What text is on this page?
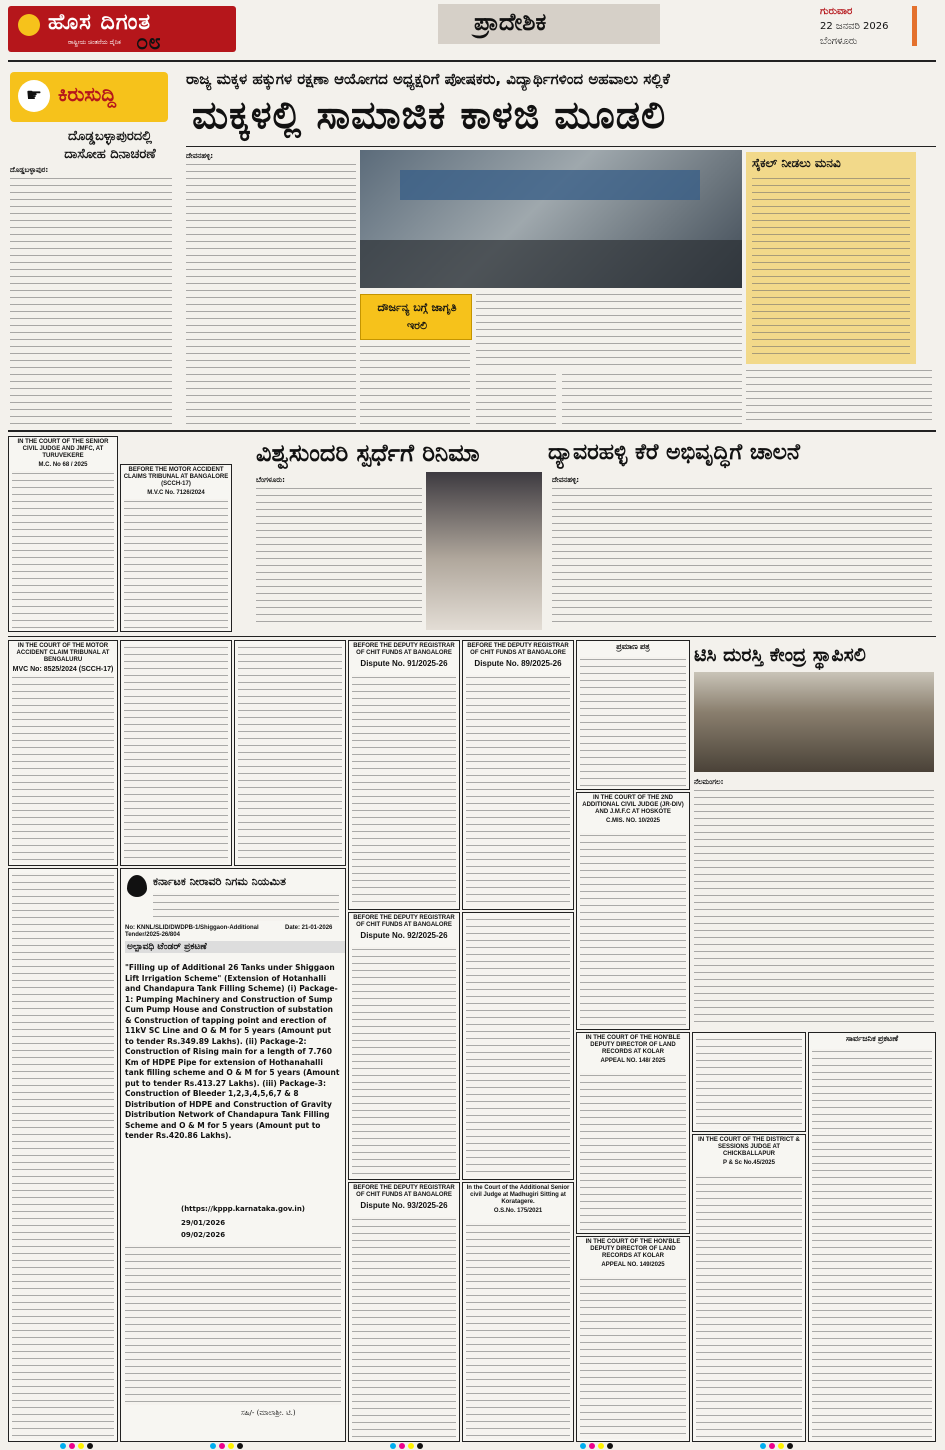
ಹೊಸ ದಿಗಂತ
ರಾಷ್ಟ್ರೀಯ ಚಿಂತನೆಯ ದೈನಿಕ ೦೮
ಪ್ರಾದೇಶಿಕ	ಗುರುವಾರ
22 ಜನವರಿ 2026
ಬೆಂಗಳೂರು
☛ ಕಿರುಸುದ್ದಿ
ದೊಡ್ಡಬಳ್ಳಾಪುರದಲ್ಲಿ ದಾಸೋಹ ದಿನಾಚರಣೆ
ದೊಡ್ಡಬಳ್ಳಾಪುರ:
ರಾಜ್ಯ ಮಕ್ಕಳ ಹಕ್ಕುಗಳ ರಕ್ಷಣಾ ಆಯೋಗದ ಅಧ್ಯಕ್ಷರಿಗೆ ಪೋಷಕರು, ವಿದ್ಯಾರ್ಥಿಗಳಿಂದ ಅಹವಾಲು ಸಲ್ಲಿಕೆ
ಮಕ್ಕಳಲ್ಲಿ ಸಾಮಾಜಿಕ ಕಾಳಜಿ ಮೂಡಲಿ
ದೇವನಹಳ್ಳಿ:
ದೌರ್ಜನ್ಯ ಬಗ್ಗೆ ಜಾಗೃತಿ ಇರಲಿ
ಸೈಕಲ್ ನೀಡಲು ಮನವಿ
IN THE COURT OF THE SENIOR CIVIL JUDGE AND JMFC, AT TURUVEKERE
M.C. No 68 / 2025
BEFORE THE MOTOR ACCIDENT CLAIMS TRIBUNAL AT BANGALORE (SCCH-17)
M.V.C No. 7126/2024
ವಿಶ್ವಸುಂದರಿ ಸ್ಪರ್ಧೆಗೆ ರಿನಿಮಾ
ಬೆಂಗಳೂರು:
ದ್ಯಾವರಹಳ್ಳಿ ಕೆರೆ ಅಭಿವೃದ್ಧಿಗೆ ಚಾಲನೆ
ದೇವನಹಳ್ಳಿ:
IN THE COURT OF THE MOTOR ACCIDENT CLAIM TRIBUNAL AT BENGALURU
MVC No: 8525/2024 (SCCH-17)
BEFORE THE DEPUTY REGISTRAR OF CHIT FUNDS AT BANGALORE
Dispute No. 91/2025-26
BEFORE THE DEPUTY REGISTRAR OF CHIT FUNDS AT BANGALORE
Dispute No. 89/2025-26
ಪ್ರಮಾಣ ಪತ್ರ
IN THE COURT OF THE 2ND ADDITIONAL CIVIL JUDGE (JR-DIV) AND J.M.F.C AT HOSKOTE
C.MIS. NO. 10/2025
ಟಿಸಿ ದುರಸ್ತಿ ಕೇಂದ್ರ ಸ್ಥಾಪಿಸಲಿ
ನೆಲಮಂಗಲ:
ಕರ್ನಾಟಕ ನೀರಾವರಿ ನಿಗಮ ನಿಯಮಿತ
No: KNNL/SLID/DWDPB-1/Shiggaon-Additional Tender/2025-26/804
Date: 21-01-2026
ಅಲ್ಪಾವಧಿ ಟೆಂಡರ್ ಪ್ರಕಟಣೆ
"Filling up of Additional 26 Tanks under Shiggaon Lift Irrigation Scheme" (Extension of Hotanhalli and Chandapura Tank Filling Scheme) (i) Package-1: Pumping Machinery and Construction of Sump Cum Pump House and Construction of substation & Construction of tapping point and erection of 11kV SC Line and O & M for 5 years (Amount put to tender Rs.349.89 Lakhs). (ii) Package-2: Construction of Rising main for a length of 7.760 Km of HDPE Pipe for extension of Hothanahalli tank filling scheme and O & M for 5 years (Amount put to tender Rs.413.27 Lakhs). (iii) Package-3: Construction of Bleeder 1,2,3,4,5,6,7 & 8 Distribution of HDPE and Construction of Gravity Distribution Network of Chandapura Tank Filling Scheme and O & M for 5 years (Amount put to tender Rs.420.86 Lakhs).
(https://kppp.karnataka.gov.in)
29/01/2026
09/02/2026
ಸಹಿ/- (ಮಾಲಾಶ್ರೀ. ಟಿ.)
BEFORE THE DEPUTY REGISTRAR OF CHIT FUNDS AT BANGALORE
Dispute No. 92/2025-26
BEFORE THE DEPUTY REGISTRAR OF CHIT FUNDS AT BANGALORE
Dispute No. 93/2025-26
In the Court of the Additional Senior civil Judge at Madhugiri Sitting at Koratagere.
O.S.No. 175/2021
IN THE COURT OF THE HON'BLE DEPUTY DIRECTOR OF LAND RECORDS AT KOLAR
APPEAL NO. 148/ 2025
IN THE COURT OF THE HON'BLE DEPUTY DIRECTOR OF LAND RECORDS AT KOLAR
APPEAL NO. 149/2025
IN THE COURT OF THE DISTRICT & SESSIONS JUDGE AT CHICKBALLAPUR
P & Sc No.45/2025
ಸಾರ್ವಜನಿಕ ಪ್ರಕಟಣೆ
